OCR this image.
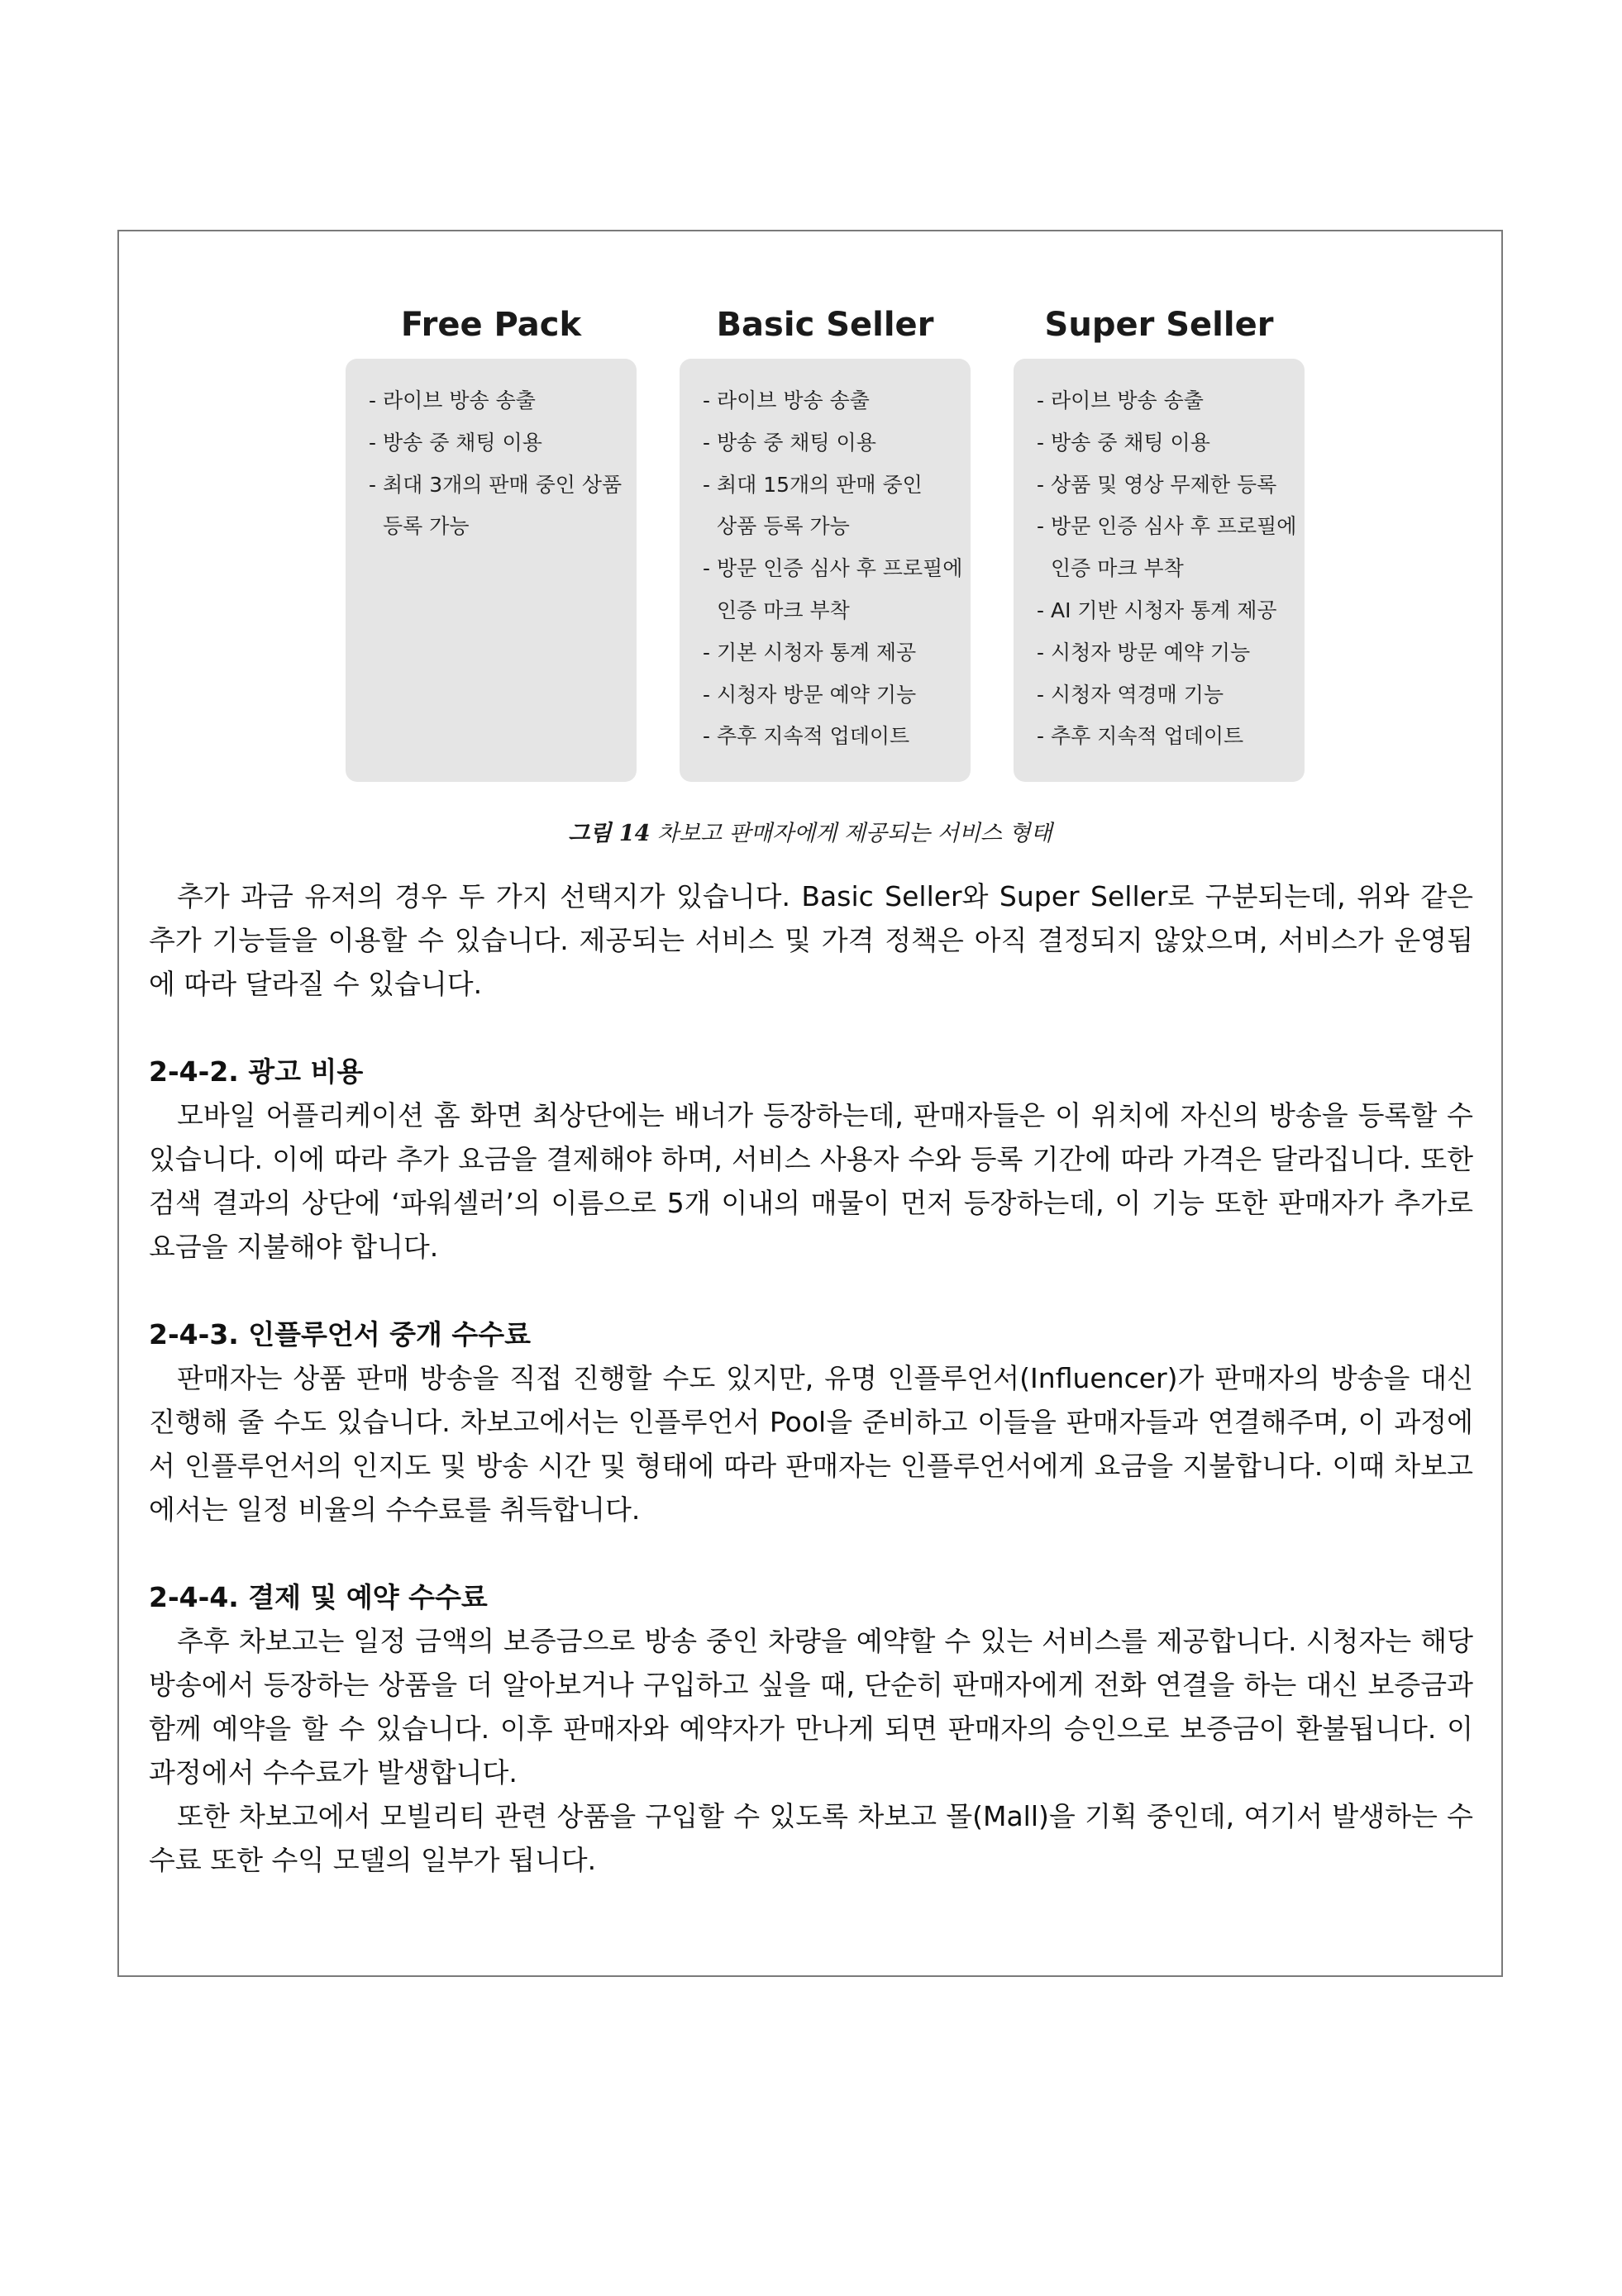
Free Pack
- 라이브 방송 송출
- 방송 중 채팅 이용
- 최대 3개의 판매 중인 상품
등록 가능
Basic Seller
- 라이브 방송 송출
- 방송 중 채팅 이용
- 최대 15개의 판매 중인
상품 등록 가능
- 방문 인증 심사 후 프로필에
인증 마크 부착
- 기본 시청자 통계 제공
- 시청자 방문 예약 기능
- 추후 지속적 업데이트
Super Seller
- 라이브 방송 송출
- 방송 중 채팅 이용
- 상품 및 영상 무제한 등록
- 방문 인증 심사 후 프로필에
인증 마크 부착
- AI 기반 시청자 통계 제공
- 시청자 방문 예약 기능
- 시청자 역경매 기능
- 추후 지속적 업데이트
그림 14 차보고 판매자에게 제공되는 서비스 형태

추가 과금 유저의 경우 두 가지 선택지가 있습니다. Basic Seller와 Super Seller로 구분되는데, 위와 같은 추가 기능들을 이용할 수 있습니다. 제공되는 서비스 및 가격 정책은 아직 결정되지 않았으며, 서비스가 운영됨에 따라 달라질 수 있습니다.

2-4-2. 광고 비용

모바일 어플리케이션 홈 화면 최상단에는 배너가 등장하는데, 판매자들은 이 위치에 자신의 방송을 등록할 수 있습니다. 이에 따라 추가 요금을 결제해야 하며, 서비스 사용자 수와 등록 기간에 따라 가격은 달라집니다. 또한 검색 결과의 상단에 ‘파워셀러’의 이름으로 5개 이내의 매물이 먼저 등장하는데, 이 기능 또한 판매자가 추가로 요금을 지불해야 합니다.

2-4-3. 인플루언서 중개 수수료

판매자는 상품 판매 방송을 직접 진행할 수도 있지만, 유명 인플루언서(Influencer)가 판매자의 방송을 대신 진행해 줄 수도 있습니다. 차보고에서는 인플루언서 Pool을 준비하고 이들을 판매자들과 연결해주며, 이 과정에서 인플루언서의 인지도 및 방송 시간 및 형태에 따라 판매자는 인플루언서에게 요금을 지불합니다. 이때 차보고에서는 일정 비율의 수수료를 취득합니다.

2-4-4. 결제 및 예약 수수료

추후 차보고는 일정 금액의 보증금으로 방송 중인 차량을 예약할 수 있는 서비스를 제공합니다. 시청자는 해당 방송에서 등장하는 상품을 더 알아보거나 구입하고 싶을 때, 단순히 판매자에게 전화 연결을 하는 대신 보증금과 함께 예약을 할 수 있습니다. 이후 판매자와 예약자가 만나게 되면 판매자의 승인으로 보증금이 환불됩니다. 이 과정에서 수수료가 발생합니다.

또한 차보고에서 모빌리티 관련 상품을 구입할 수 있도록 차보고 몰(Mall)을 기획 중인데, 여기서 발생하는 수수료 또한 수익 모델의 일부가 됩니다.
